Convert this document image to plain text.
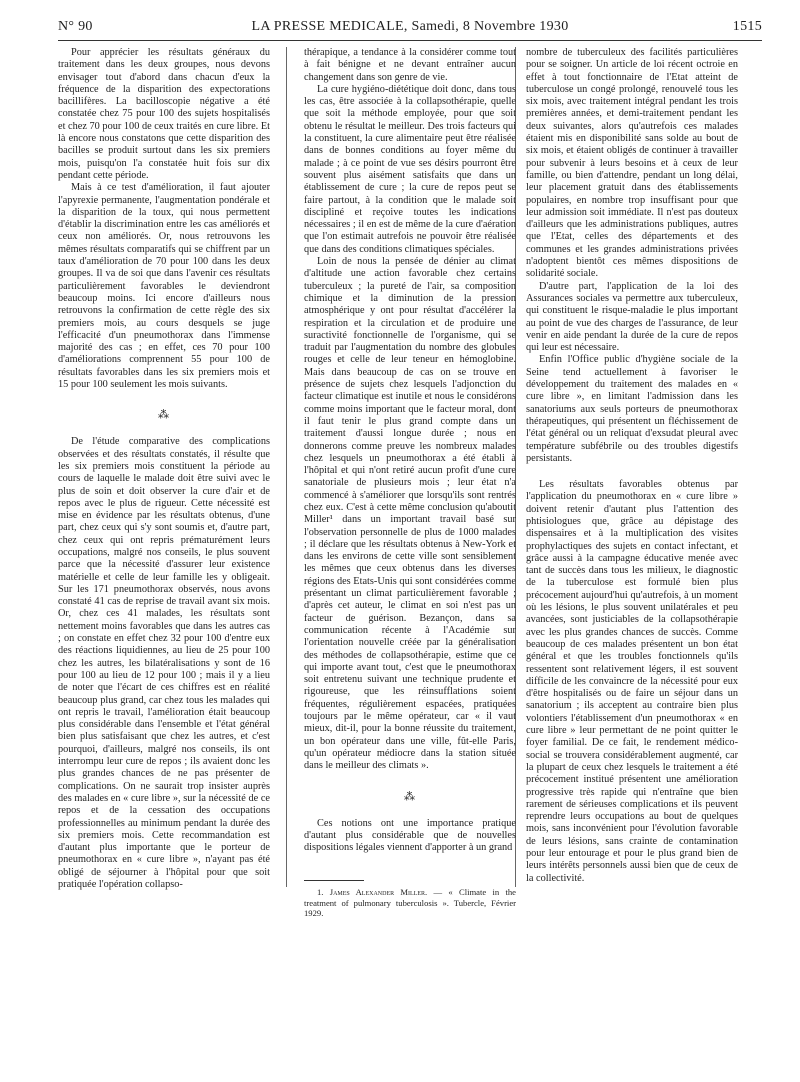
N° 90	LA PRESSE MEDICALE, Samedi, 8 Novembre 1930	1515

Pour apprécier les résultats généraux du traitement dans les deux groupes, nous devons envisager tout d'abord dans chacun d'eux la fréquence de la disparition des expectorations bacillifères. La bacilloscopie négative a été constatée chez 75 pour 100 des sujets hospitalisés et chez 70 pour 100 de ceux traités en cure libre. Et là encore nous constatons que cette disparition des bacilles se produit surtout dans les six premiers mois, puisqu'on l'a constatée huit fois sur dix pendant cette période.

Mais à ce test d'amélioration, il faut ajouter l'apyrexie permanente, l'augmentation pondérale et la disparition de la toux, qui nous permettent d'établir la discrimination entre les cas améliorés et ceux non améliorés. Or, nous retrouvons les mêmes résultats comparatifs qui se chiffrent par un taux d'amélioration de 70 pour 100 dans les deux groupes. Il va de soi que dans l'avenir ces résultats particulièrement favorables le deviendront beaucoup moins. Ici encore d'ailleurs nous retrouvons la confirmation de cette règle des six premiers mois, au cours desquels se juge l'efficacité d'un pneumothorax dans l'immense majorité des cas ; en effet, ces 70 pour 100 d'améliorations comprennent 55 pour 100 de résultats favorables dans les six premiers mois et 15 pour 100 seulement les mois suivants.

⁂

De l'étude comparative des complications observées et des résultats constatés, il résulte que les six premiers mois constituent la période au cours de laquelle le malade doit être suivi avec le plus de soin et doit observer la cure d'air et de repos avec le plus de rigueur. Cette nécessité est mise en évidence par les résultats obtenus, d'une part, chez ceux qui s'y sont soumis et, d'autre part, chez ceux qui ont repris prématurément leurs occupations, malgré nos conseils, le plus souvent parce que la nécessité d'assurer leur existence matérielle et celle de leur famille les y obligeait. Sur les 171 pneumothorax observés, nous avons constaté 41 cas de reprise de travail avant six mois. Or, chez ces 41 malades, les résultats sont nettement moins favorables que dans les autres cas ; on constate en effet chez 32 pour 100 d'entre eux des réactions liquidiennes, au lieu de 25 pour 100 chez les autres, les bilatéralisations y sont de 16 pour 100 au lieu de 12 pour 100 ; mais il y a lieu de noter que l'écart de ces chiffres est en réalité beaucoup plus grand, car chez tous les malades qui ont repris le travail, l'amélioration était beaucoup plus considérable dans l'ensemble et l'état général bien plus satisfaisant que chez les autres, et c'est pourquoi, d'ailleurs, malgré nos conseils, ils ont interrompu leur cure de repos ; ils avaient donc les plus grandes chances de ne pas présenter de complications. On ne saurait trop insister auprès des malades en « cure libre », sur la nécessité de ce repos et de la cessation des occupations professionnelles au minimum pendant la durée des six premiers mois. Cette recommandation est d'autant plus importante que le porteur de pneumothorax en « cure libre », n'ayant pas été obligé de séjourner à l'hôpital pour que soit pratiquée l'opération collapso-

thérapique, a tendance à la considérer comme tout à fait bénigne et ne devant entraîner aucun changement dans son genre de vie.

La cure hygiéno-diététique doit donc, dans tous les cas, être associée à la collapsothérapie, quelle que soit la méthode employée, pour que soit obtenu le résultat le meilleur. Des trois facteurs qui la constituent, la cure alimentaire peut être réalisée dans de bonnes conditions au foyer même du malade ; à ce point de vue ses désirs pourront être souvent plus aisément satisfaits que dans un établissement de cure ; la cure de repos peut se faire partout, à la condition que le malade soit discipliné et reçoive toutes les indications nécessaires ; il en est de même de la cure d'aération que l'on estimait autrefois ne pouvoir être réalisée que dans des conditions climatiques spéciales.

Loin de nous la pensée de dénier au climat d'altitude une action favorable chez certains tuberculeux ; la pureté de l'air, sa composition chimique et la diminution de la pression atmosphérique y ont pour résultat d'accélérer la respiration et la circulation et de produire une suractivité fonctionnelle de l'organisme, qui se traduit par l'augmentation du nombre des globules rouges et celle de leur teneur en hémoglobine. Mais dans beaucoup de cas on se trouve en présence de sujets chez lesquels l'adjonction du facteur climatique est inutile et nous le considérons comme moins important que le facteur moral, dont il faut tenir le plus grand compte dans un traitement d'aussi longue durée ; nous en donnerons comme preuve les nombreux malades chez lesquels un pneumothorax a été établi à l'hôpital et qui n'ont retiré aucun profit d'une cure sanatoriale de plusieurs mois ; leur état n'a commencé à s'améliorer que lorsqu'ils sont rentrés chez eux. C'est à cette même conclusion qu'aboutit Miller¹ dans un important travail basé sur l'observation personnelle de plus de 1000 malades ; il déclare que les résultats obtenus à New-York et dans les environs de cette ville sont sensiblement les mêmes que ceux obtenus dans les diverses régions des Etats-Unis qui sont considérées comme présentant un climat particulièrement favorable ; d'après cet auteur, le climat en soi n'est pas un facteur de guérison. Bezançon, dans sa communication récente à l'Académie sur l'orientation nouvelle créée par la généralisation des méthodes de collapsothérapie, estime que ce qui importe avant tout, c'est que le pneumothorax soit entretenu suivant une technique prudente et rigoureuse, que les réinsufflations soient fréquentes, régulièrement espacées, pratiquées toujours par le même opérateur, car « il vaut mieux, dit-il, pour la bonne réussite du traitement, un bon opérateur dans une ville, fût-elle Paris, qu'un opérateur médiocre dans la station située dans le meilleur des climats ».

⁂

Ces notions ont une importance pratique d'autant plus considérable que de nouvelles dispositions légales viennent d'apporter à un grand

1. James Alexander Miller. — « Climate in the treatment of pulmonary tuberculosis ». Tubercle, Février 1929.

nombre de tuberculeux des facilités particulières pour se soigner. Un article de loi récent octroie en effet à tout fonctionnaire de l'Etat atteint de tuberculose un congé prolongé, renouvelé tous les six mois, avec traitement intégral pendant les trois premières années, et demi-traitement pendant les deux suivantes, alors qu'autrefois ces malades étaient mis en disponibilité sans solde au bout de six mois, et étaient obligés de continuer à travailler pour subvenir à leurs besoins et à ceux de leur famille, ou bien d'attendre, pendant un long délai, leur placement gratuit dans des établissements populaires, en nombre trop insuffisant pour que leur admission soit immédiate. Il n'est pas douteux d'ailleurs que les administrations publiques, autres que l'Etat, celles des départements et des communes et les grandes administrations privées n'adoptent bientôt ces mêmes dispositions de solidarité sociale.

D'autre part, l'application de la loi des Assurances sociales va permettre aux tuberculeux, qui constituent le risque-maladie le plus important au point de vue des charges de l'assurance, de leur venir en aide pendant la durée de la cure de repos qui leur est nécessaire.

Enfin l'Office public d'hygiène sociale de la Seine tend actuellement à favoriser le développement du traitement des malades en « cure libre », en limitant l'admission dans les sanatoriums aux seuls porteurs de pneumothorax thérapeutiques, qui présentent un fléchissement de l'état général ou un reliquat d'exsudat pleural avec température subfébrile ou des troubles digestifs persistants.

Les résultats favorables obtenus par l'application du pneumothorax en « cure libre » doivent retenir d'autant plus l'attention des phtisiologues que, grâce au dépistage des dispensaires et à la multiplication des visites prophylactiques des sujets en contact infectant, et grâce aussi à la campagne éducative menée avec tant de succès dans tous les milieux, le diagnostic de la tuberculose est formulé bien plus précocement aujourd'hui qu'autrefois, à un moment où les lésions, le plus souvent unilatérales et peu avancées, sont justiciables de la collapsothérapie avec les plus grandes chances de succès. Comme beaucoup de ces malades présentent un bon état général et que les troubles fonctionnels qu'ils ressentent sont relativement légers, il est souvent difficile de les convaincre de la nécessité pour eux d'être hospitalisés ou de faire un séjour dans un sanatorium ; ils acceptent au contraire bien plus volontiers l'établissement d'un pneumothorax « en cure libre » leur permettant de ne point quitter le foyer familial. De ce fait, le rendement médico-social se trouvera considérablement augmenté, car la plupart de ceux chez lesquels le traitement a été précocement institué présentent une amélioration progressive très rapide qui n'entraîne que bien rarement de sérieuses complications et ils peuvent reprendre leurs occupations au bout de quelques mois, sans inconvénient pour l'évolution favorable de leurs lésions, sans crainte de contamination pour leur entourage et pour le plus grand bien de leurs intérêts personnels aussi bien que de ceux de la collectivité.
